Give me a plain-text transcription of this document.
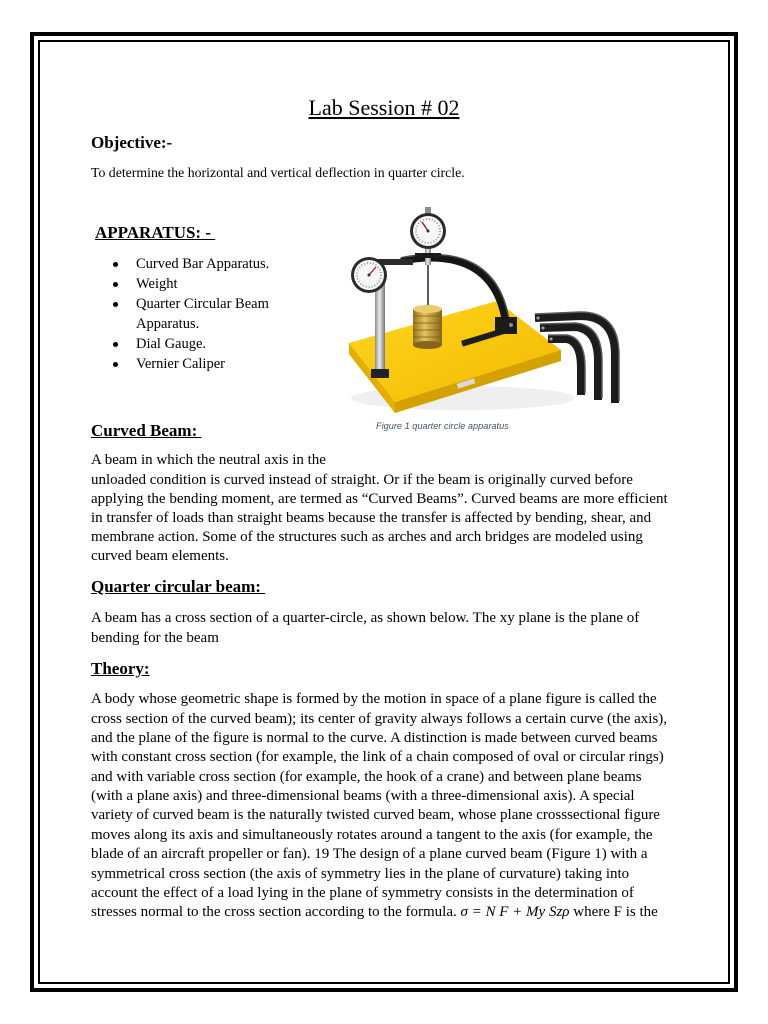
Lab Session # 02
Objective:-
To determine the horizontal and vertical deflection in quarter circle.
APPARATUS: -
Curved Bar Apparatus.
Weight
Quarter Circular Beam Apparatus.
Dial Gauge.
Vernier Caliper
Figure 1 quarter circle apparatus
Curved Beam:
A beam in which the neutral axis in the
unloaded condition is curved instead of straight. Or if the beam is originally curved before
applying the bending moment, are termed as “Curved Beams”. Curved beams are more efficient
in transfer of loads than straight beams because the transfer is affected by bending, shear, and
membrane action. Some of the structures such as arches and arch bridges are modeled using
curved beam elements.
Quarter circular beam:
A beam has a cross section of a quarter-circle, as shown below. The xy plane is the plane of
bending for the beam
Theory:
A body whose geometric shape is formed by the motion in space of a plane figure is called the
cross section of the curved beam); its center of gravity always follows a certain curve (the axis),
and the plane of the figure is normal to the curve. A distinction is made between curved beams
with constant cross section (for example, the link of a chain composed of oval or circular rings)
and with variable cross section (for example, the hook of a crane) and between plane beams
(with a plane axis) and three-dimensional beams (with a three-dimensional axis). A special
variety of curved beam is the naturally twisted curved beam, whose plane crosssectional figure
moves along its axis and simultaneously rotates around a tangent to the axis (for example, the
blade of an aircraft propeller or fan). 19 The design of a plane curved beam (Figure 1) with a
symmetrical cross section (the axis of symmetry lies in the plane of curvature) taking into
account the effect of a load lying in the plane of symmetry consists in the determination of
stresses normal to the cross section according to the formula. σ = N F + My Szρ where F is the
